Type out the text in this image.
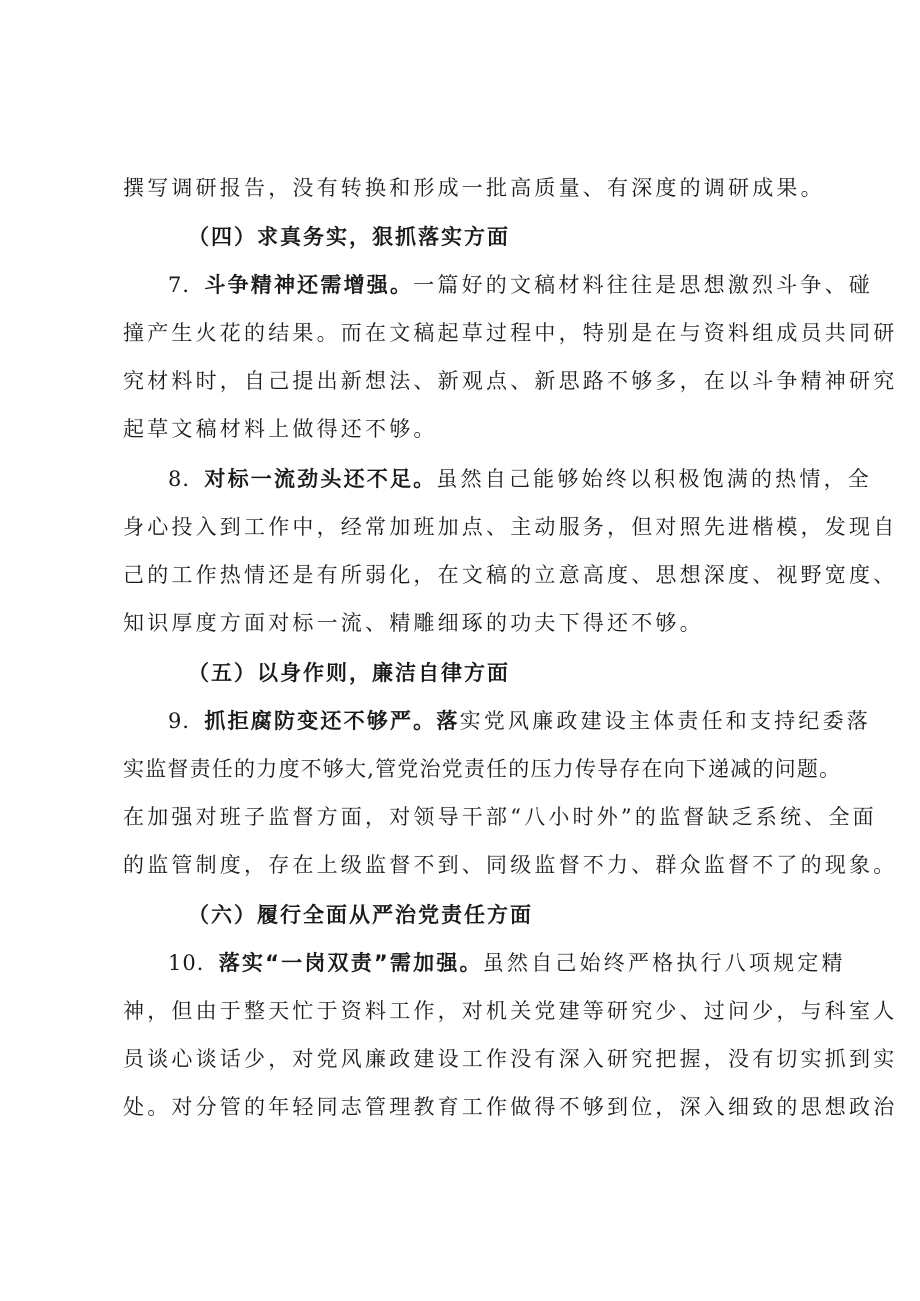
撰写调研报告，没有转换和形成一批高质量、有深度的调研成果。
（四）求真务实，狠抓落实方面
7．斗争精神还需增强。一篇好的文稿材料往往是思想激烈斗争、碰
撞产生火花的结果。而在文稿起草过程中，特别是在与资料组成员共同研
究材料时，自己提出新想法、新观点、新思路不够多，在以斗争精神研究
起草文稿材料上做得还不够。
8．对标一流劲头还不足。虽然自己能够始终以积极饱满的热情，全
身心投入到工作中，经常加班加点、主动服务，但对照先进楷模，发现自
己的工作热情还是有所弱化，在文稿的立意高度、思想深度、视野宽度、
知识厚度方面对标一流、精雕细琢的功夫下得还不够。
（五）以身作则，廉洁自律方面
9．抓拒腐防变还不够严。落实党风廉政建设主体责任和支持纪委落
实监督责任的力度不够大,管党治党责任的压力传导存在向下递减的问题。
在加强对班子监督方面，对领导干部“八小时外”的监督缺乏系统、全面
的监管制度，存在上级监督不到、同级监督不力、群众监督不了的现象。
（六）履行全面从严治党责任方面
10．落实“一岗双责”需加强。虽然自己始终严格执行八项规定精
神，但由于整天忙于资料工作，对机关党建等研究少、过问少，与科室人
员谈心谈话少，对党风廉政建设工作没有深入研究把握，没有切实抓到实
处。对分管的年轻同志管理教育工作做得不够到位，深入细致的思想政治
